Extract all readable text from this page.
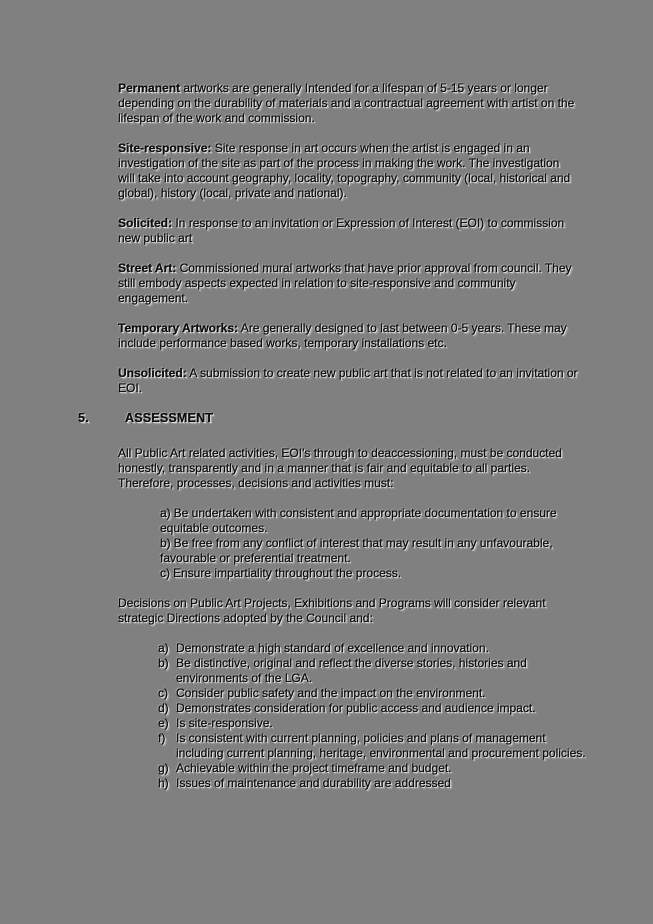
Permanent artworks are generally Intended for a lifespan of 5-15 years or longer depending on the durability of materials and a contractual agreement with artist on the lifespan of the work and commission.

Site-responsive: Site response in art occurs when the artist is engaged in an investigation of the site as part of the process in making the work. The investigation will take into account geography, locality, topography, community (local, historical and global), history (local, private and national).

Solicited: In response to an invitation or Expression of Interest (EOI) to commission new public art

Street Art: Commissioned mural artworks that have prior approval from council. They still embody aspects expected in relation to site-responsive and community engagement.

Temporary Artworks: Are generally designed to last between 0-5 years. These may include performance based works, temporary installations etc.

Unsolicited: A submission to create new public art that is not related to an invitation or EOI.

5.	ASSESSMENT

All Public Art related activities, EOI's through to deaccessioning, must be conducted honestly, transparently and in a manner that is fair and equitable to all parties. Therefore, processes, decisions and activities must:

a) Be undertaken with consistent and appropriate documentation to ensure equitable outcomes.

b) Be free from any conflict of interest that may result in any unfavourable, favourable or preferential treatment.

c) Ensure impartiality throughout the process.

Decisions on Public Art Projects, Exhibitions and Programs will consider relevant strategic Directions adopted by the Council and:

a) Demonstrate a high standard of excellence and innovation.
b) Be distinctive, original and reflect the diverse stories, histories and environments of the LGA.
c) Consider public safety and the impact on the environment.
d) Demonstrates consideration for public access and audience impact.
e) Is site-responsive.
f) Is consistent with current planning, policies and plans of management including current planning, heritage, environmental and procurement policies.
g) Achievable within the project timeframe and budget.
h) Issues of maintenance and durability are addressed
